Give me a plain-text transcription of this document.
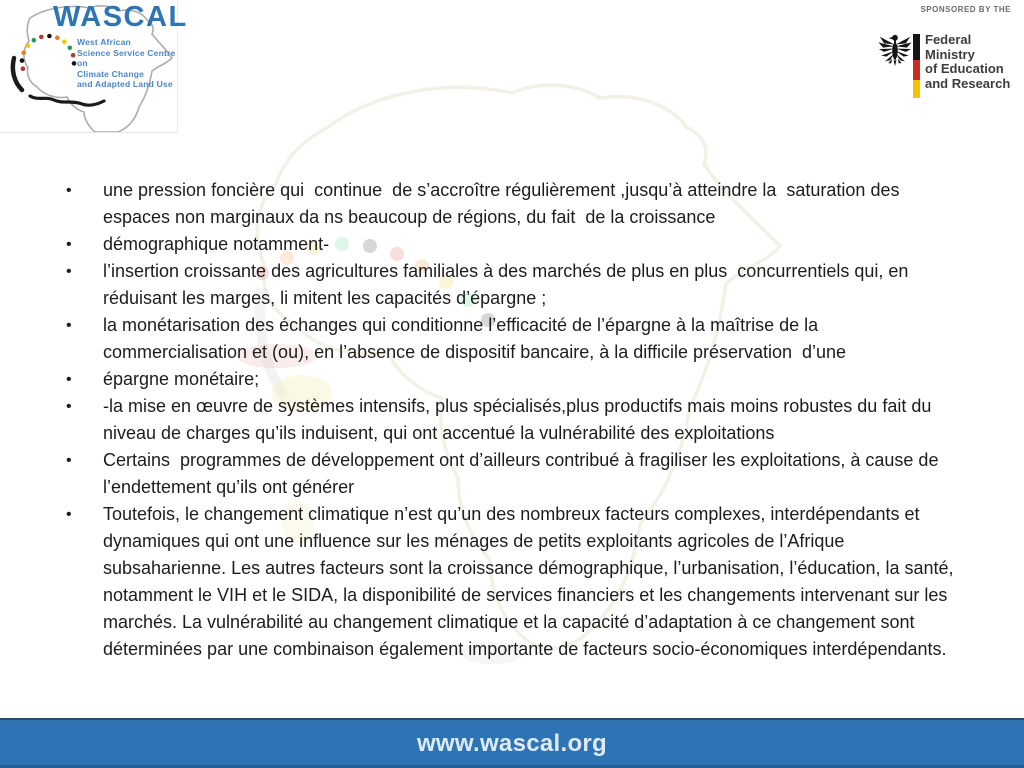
WASCAL
West African
Science Service Centre on
Climate Change
and Adapted Land Use
SPONSORED BY THE
Federal Ministry
of Education
and Research
•	une pression foncière qui  continue  de s’accroître régulièrement ,jusqu’à atteindre la  saturation des espaces non marginaux da ns beaucoup de régions, du fait  de la croissance
•	démographique notamment-
•	l’insertion croissante des agricultures familiales à des marchés de plus en plus  concurrentiels qui, en réduisant les marges, li mitent les capacités d’épargne ;
•	la monétarisation des échanges qui conditionne l’efficacité de l’épargne à la maîtrise de la commercialisation et (ou), en l’absence de dispositif bancaire, à la difficile préservation  d’une
•	épargne monétaire;
•	-la mise en œuvre de systèmes intensifs, plus spécialisés,plus productifs mais moins robustes du fait du niveau de charges qu’ils induisent, qui ont accentué la vulnérabilité des exploitations
•	Certains  programmes de développement ont d’ailleurs contribué à fragiliser les exploitations, à cause de l’endettement qu’ils ont générer
•	Toutefois, le changement climatique n’est qu’un des nombreux facteurs complexes, interdépendants et dynamiques qui ont une influence sur les ménages de petits exploitants agricoles de l’Afrique subsaharienne. Les autres facteurs sont la croissance démographique, l’urbanisation, l’éducation, la santé, notamment le VIH et le SIDA, la disponibilité de services financiers et les changements intervenant sur les marchés. La vulnérabilité au changement climatique et la capacité d’adaptation à ce changement sont déterminées par une combinaison également importante de facteurs socio-économiques interdépendants.
www.wascal.org
